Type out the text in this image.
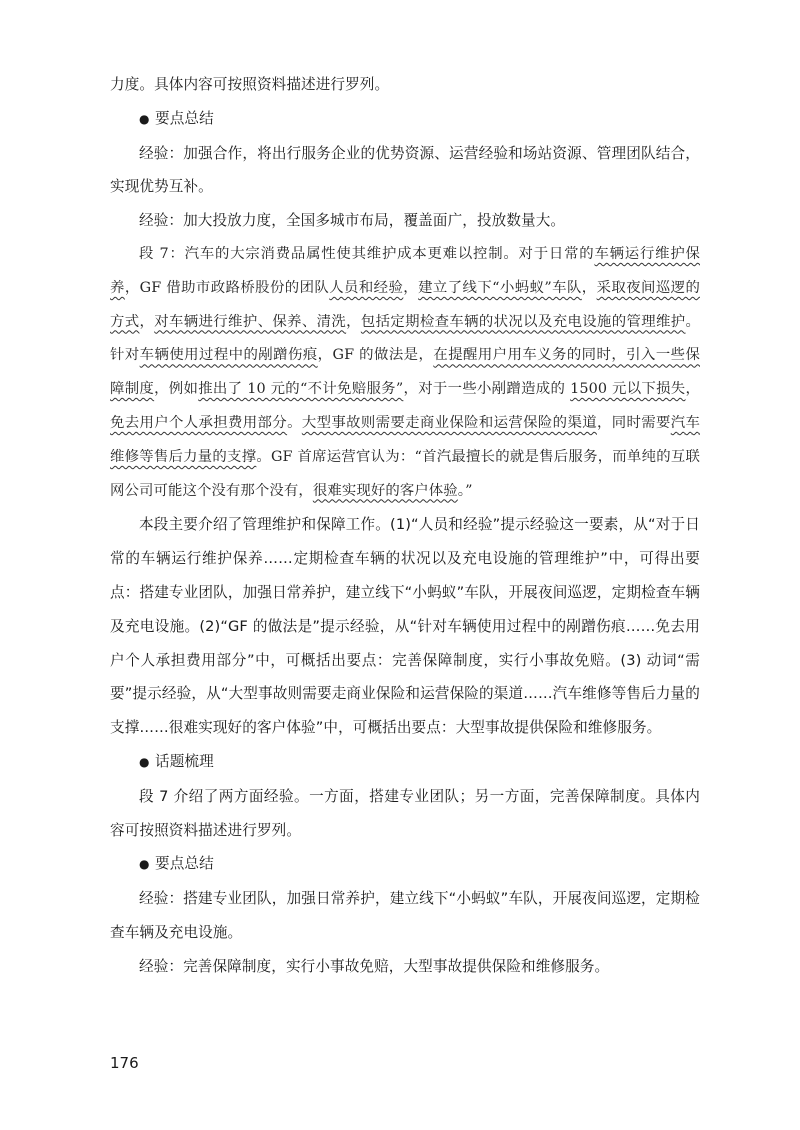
力度。具体内容可按照资料描述进行罗列。

● 要点总结

经验：加强合作，将出行服务企业的优势资源、运营经验和场站资源、管理团队结合，实现优势互补。

经验：加大投放力度，全国多城市布局，覆盖面广，投放数量大。

段 7：汽车的大宗消费品属性使其维护成本更难以控制。对于日常的车辆运行维护保养，GF 借助市政路桥股份的团队人员和经验，建立了线下“小蚂蚁”车队，采取夜间巡逻的方式，对车辆进行维护、保养、清洗，包括定期检查车辆的状况以及充电设施的管理维护。针对车辆使用过程中的剐蹭伤痕，GF 的做法是，在提醒用户用车义务的同时，引入一些保障制度，例如推出了 10 元的“不计免赔服务”，对于一些小剐蹭造成的 1500 元以下损失，免去用户个人承担费用部分。大型事故则需要走商业保险和运营保险的渠道，同时需要汽车维修等售后力量的支撑。GF 首席运营官认为：“首汽最擅长的就是售后服务，而单纯的互联网公司可能这个没有那个没有，很难实现好的客户体验。”

本段主要介绍了管理维护和保障工作。(1)“人员和经验”提示经验这一要素，从“对于日常的车辆运行维护保养……定期检查车辆的状况以及充电设施的管理维护”中，可得出要点：搭建专业团队，加强日常养护，建立线下“小蚂蚁”车队，开展夜间巡逻，定期检查车辆及充电设施。(2)“GF 的做法是”提示经验，从“针对车辆使用过程中的剐蹭伤痕……免去用户个人承担费用部分”中，可概括出要点：完善保障制度，实行小事故免赔。(3) 动词“需要”提示经验，从“大型事故则需要走商业保险和运营保险的渠道……汽车维修等售后力量的支撑……很难实现好的客户体验”中，可概括出要点：大型事故提供保险和维修服务。

● 话题梳理

段 7 介绍了两方面经验。一方面，搭建专业团队；另一方面，完善保障制度。具体内容可按照资料描述进行罗列。

● 要点总结

经验：搭建专业团队，加强日常养护，建立线下“小蚂蚁”车队，开展夜间巡逻，定期检查车辆及充电设施。

经验：完善保障制度，实行小事故免赔，大型事故提供保险和维修服务。

176
